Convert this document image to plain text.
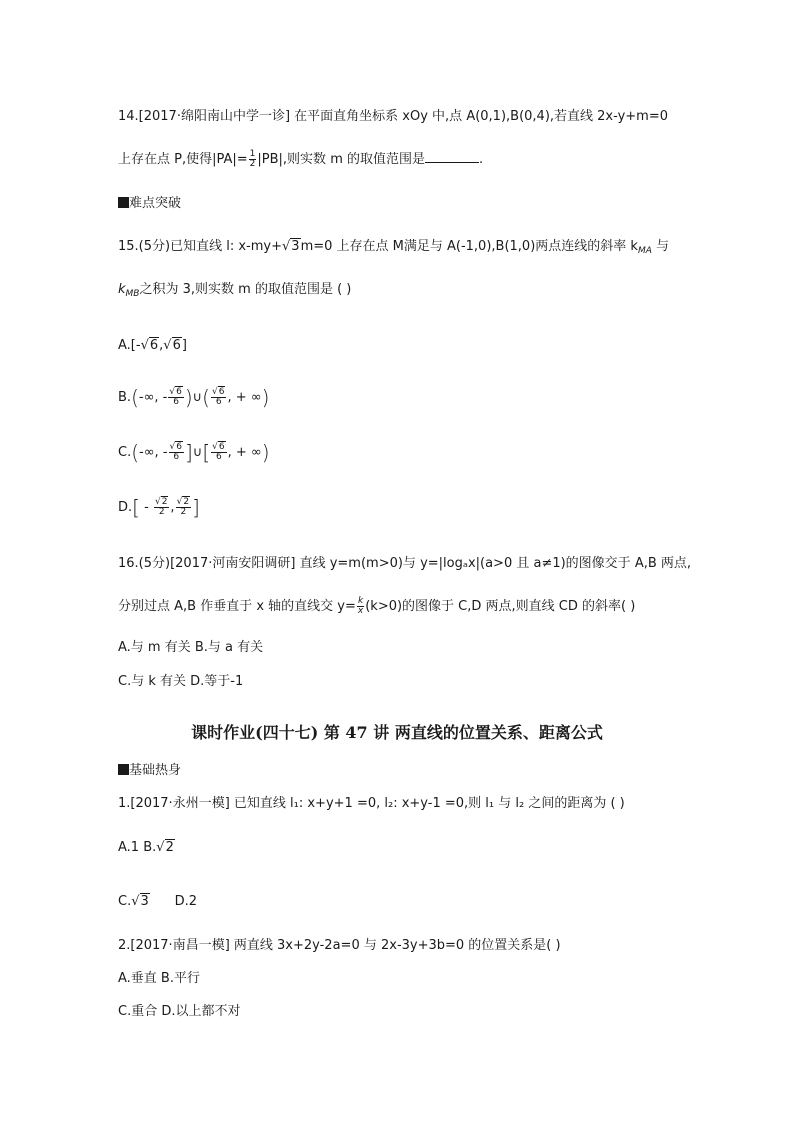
14.[2017·绵阳南山中学一诊] 在平面直角坐标系 xOy 中,点 A(0,1),B(0,4),若直线 2x-y+m=0
上存在点 P,使得$|PA|= \frac{1}{2} |PB|$,则实数 m 的取值范围是	.
难点突破
15.(5分)已知直线 l: x-my+√3m=0 上存在点 M满足与 A(-1,0),B(1,0)两点连线的斜率 $k_{MA}$ 与
$k_{MB}$之积为 3,则实数 m 的取值范围是 ( )
A.[-√6,√6]
B.(-∞, - $\frac{√6}{6}$ )∪( $\frac{√6}{6}$ , + ∞)
C.(-∞, - $\frac{√6}{6}$ ]∪[ $\frac{√6}{6}$ , + ∞)
$D.[ - \frac{√2}{2}$ , $\frac{√2}{2}$ ]
16.(5分)[2017·河南安阳调研] 直线 y=m(m>0)与 y=|logₐx|(a>0 且 a≠1)的图像交于 A,B 两点,
分别过点 A,B 作垂直于 x 轴的直线交 $y= \frac{k}{x} (k>0)$的图像于 C,D 两点,则直线 CD 的斜率( )
A.与 m 有关 B.与 a 有关
C.与 k 有关 D.等于-1
课时作业(四十七) 第 47 讲 两直线的位置关系、距离公式
基础热身
1.[2017·永州一模] 已知直线 l₁: x+y+1 =0, l₂: x+y-1 =0,则 l₁ 与 l₂ 之间的距离为 ( )
A.1 B.√2
C.√3      D.2
2.[2017·南昌一模] 两直线 3x+2y-2a=0 与 2x-3y+3b=0 的位置关系是( )
A.垂直 B.平行
C.重合 D.以上都不对
